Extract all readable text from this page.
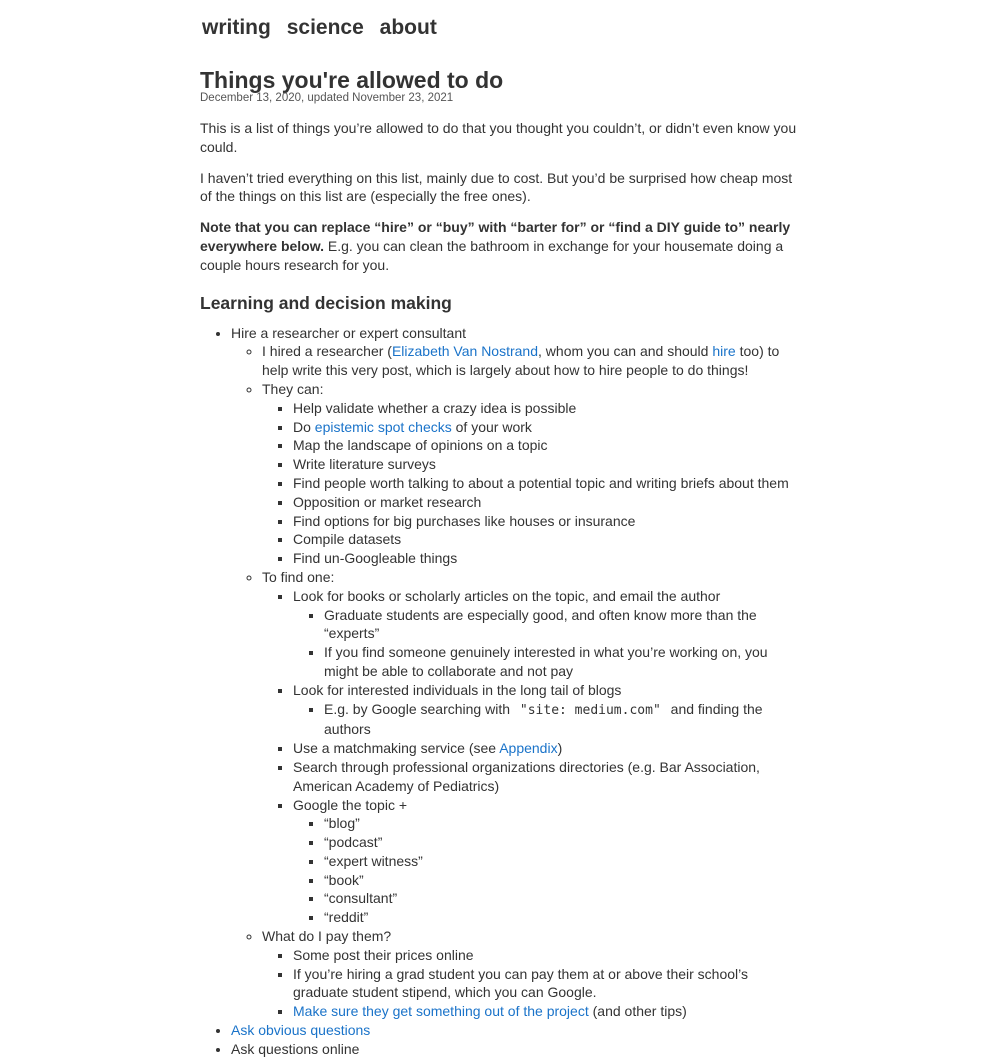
writing science about
Things you're allowed to do
December 13, 2020, updated November 23, 2021

This is a list of things you’re allowed to do that you thought you couldn’t, or didn’t even know you could.

I haven’t tried everything on this list, mainly due to cost. But you’d be surprised how cheap most of the things on this list are (especially the free ones).

Note that you can replace “hire” or “buy” with “barter for” or “find a DIY guide to” nearly everywhere below. E.g. you can clean the bathroom in exchange for your housemate doing a couple hours research for you.

Learning and decision making
• Hire a researcher or expert consultant
◦ I hired a researcher (Elizabeth Van Nostrand, whom you can and should hire too) to help write this very post, which is largely about how to hire people to do things!
◦ They can:
▪ Help validate whether a crazy idea is possible
▪ Do epistemic spot checks of your work
▪ Map the landscape of opinions on a topic
▪ Write literature surveys
▪ Find people worth talking to about a potential topic and writing briefs about them
▪ Opposition or market research
▪ Find options for big purchases like houses or insurance
▪ Compile datasets
▪ Find un-Googleable things
◦ To find one:
▪ Look for books or scholarly articles on the topic, and email the author
▪ Graduate students are especially good, and often know more than the “experts”
▪ If you find someone genuinely interested in what you’re working on, you might be able to collaborate and not pay
▪ Look for interested individuals in the long tail of blogs
▪ E.g. by Google searching with "site: medium.com" and finding the authors
▪ Use a matchmaking service (see Appendix)
▪ Search through professional organizations directories (e.g. Bar Association, American Academy of Pediatrics)
▪ Google the topic +
▪ “blog”
▪ “podcast”
▪ “expert witness”
▪ “book”
▪ “consultant”
▪ “reddit”
◦ What do I pay them?
▪ Some post their prices online
▪ If you’re hiring a grad student you can pay them at or above their school’s graduate student stipend, which you can Google.
▪ Make sure they get something out of the project (and other tips)
• Ask obvious questions
• Ask questions online
